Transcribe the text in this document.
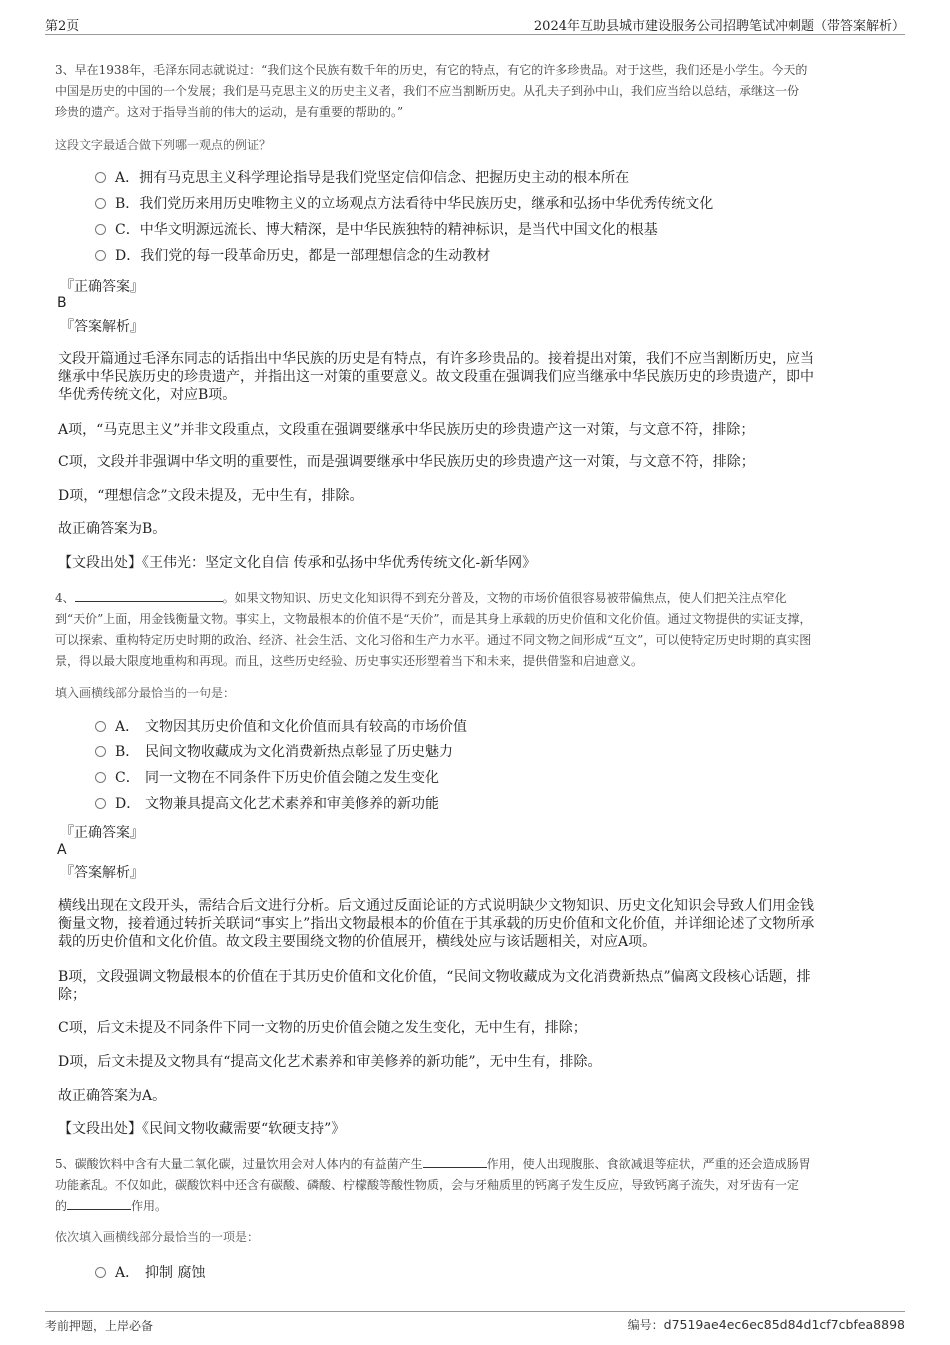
第2页	2024年互助县城市建设服务公司招聘笔试冲刺题（带答案解析）
3、早在1938年，毛泽东同志就说过：“我们这个民族有数千年的历史，有它的特点，有它的许多珍贵品。对于这些，我们还是小学生。今天的
中国是历史的中国的一个发展；我们是马克思主义的历史主义者，我们不应当割断历史。从孔夫子到孙中山，我们应当给以总结，承继这一份
珍贵的遗产。这对于指导当前的伟大的运动，是有重要的帮助的。”
这段文字最适合做下列哪一观点的例证？
A．拥有马克思主义科学理论指导是我们党坚定信仰信念、把握历史主动的根本所在
B．我们党历来用历史唯物主义的立场观点方法看待中华民族历史，继承和弘扬中华优秀传统文化
C．中华文明源远流长、博大精深，是中华民族独特的精神标识，是当代中国文化的根基
D．我们党的每一段革命历史，都是一部理想信念的生动教材
『正确答案』
B
『答案解析』
文段开篇通过毛泽东同志的话指出中华民族的历史是有特点，有许多珍贵品的。接着提出对策，我们不应当割断历史，应当
继承中华民族历史的珍贵遗产，并指出这一对策的重要意义。故文段重在强调我们应当继承中华民族历史的珍贵遗产，即中
华优秀传统文化，对应B项。
A项，“马克思主义”并非文段重点，文段重在强调要继承中华民族历史的珍贵遗产这一对策，与文意不符，排除；
C项，文段并非强调中华文明的重要性，而是强调要继承中华民族历史的珍贵遗产这一对策，与文意不符，排除；
D项，“理想信念”文段未提及，无中生有，排除。
故正确答案为B。
【文段出处】《王伟光：坚定文化自信 传承和弘扬中华优秀传统文化-新华网》
4、	。如果文物知识、历史文化知识得不到充分普及，文物的市场价值很容易被带偏焦点，使人们把关注点窄化
到“天价”上面，用金钱衡量文物。事实上，文物最根本的价值不是“天价”，而是其身上承载的历史价值和文化价值。通过文物提供的实证支撑，
可以探索、重构特定历史时期的政治、经济、社会生活、文化习俗和生产力水平。通过不同文物之间形成“互文”，可以使特定历史时期的真实图
景，得以最大限度地重构和再现。而且，这些历史经验、历史事实还形塑着当下和未来，提供借鉴和启迪意义。
填入画横线部分最恰当的一句是：
A． 文物因其历史价值和文化价值而具有较高的市场价值
B． 民间文物收藏成为文化消费新热点彰显了历史魅力
C． 同一文物在不同条件下历史价值会随之发生变化
D． 文物兼具提高文化艺术素养和审美修养的新功能
『正确答案』
A
『答案解析』
横线出现在文段开头，需结合后文进行分析。后文通过反面论证的方式说明缺少文物知识、历史文化知识会导致人们用金钱
衡量文物，接着通过转折关联词“事实上”指出文物最根本的价值在于其承载的历史价值和文化价值，并详细论述了文物所承
载的历史价值和文化价值。故文段主要围绕文物的价值展开，横线处应与该话题相关，对应A项。
B项，文段强调文物最根本的价值在于其历史价值和文化价值，“民间文物收藏成为文化消费新热点”偏离文段核心话题，排
除；
C项，后文未提及不同条件下同一文物的历史价值会随之发生变化，无中生有，排除；
D项，后文未提及文物具有“提高文化艺术素养和审美修养的新功能”，无中生有，排除。
故正确答案为A。
【文段出处】《民间文物收藏需要“软硬支持”》
5、碳酸饮料中含有大量二氧化碳，过量饮用会对人体内的有益菌产生	作用，使人出现腹胀、食欲减退等症状，严重的还会造成肠胃
功能紊乱。不仅如此，碳酸饮料中还含有碳酸、磷酸、柠檬酸等酸性物质，会与牙釉质里的钙离子发生反应，导致钙离子流失，对牙齿有一定
的	作用。
依次填入画横线部分最恰当的一项是：
A． 抑制 腐蚀
考前押题，上岸必备	编号：d7519ae4ec6ec85d84d1cf7cbfea8898
